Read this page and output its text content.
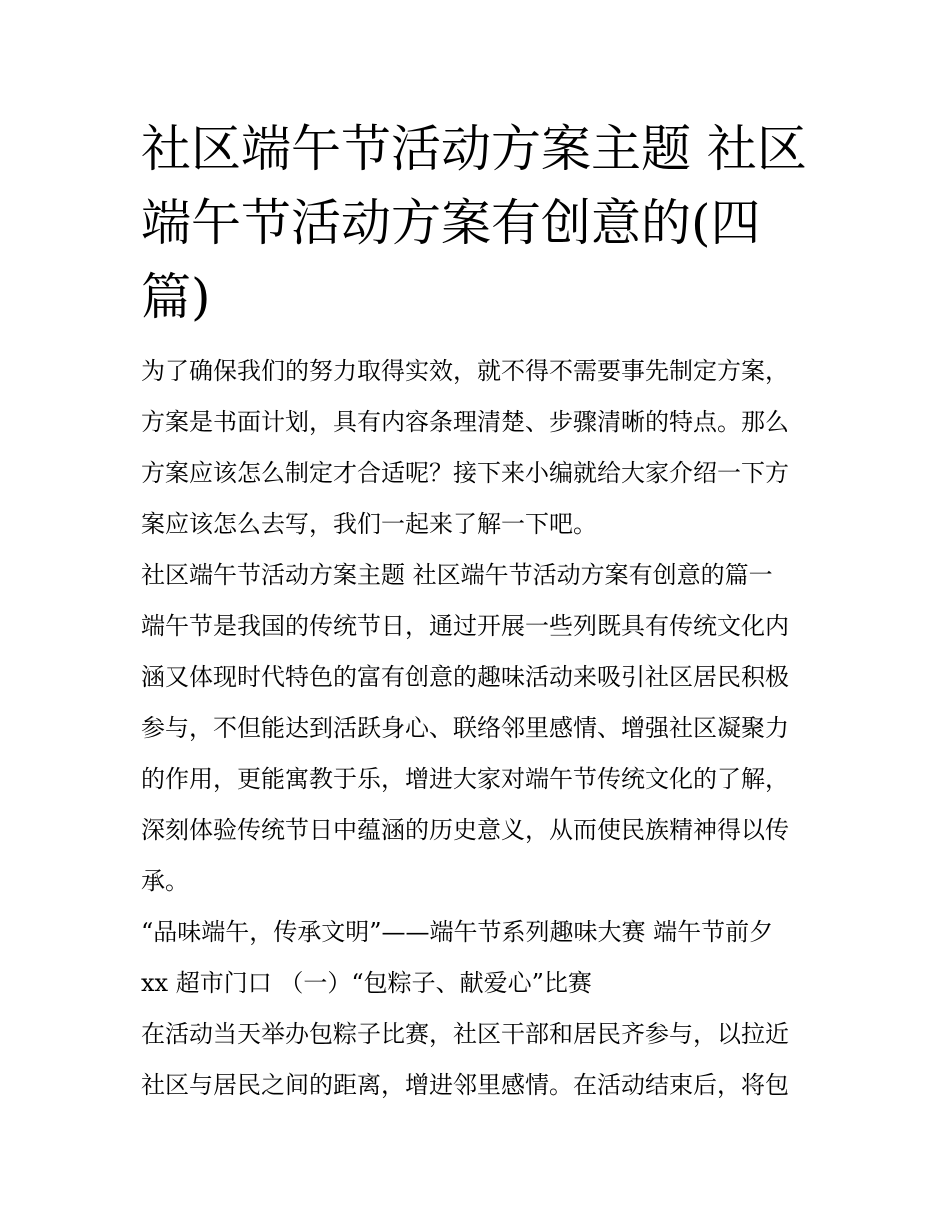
社区端午节活动方案主题 社区
端午节活动方案有创意的(四
篇)

为了确保我们的努力取得实效，就不得不需要事先制定方案，
方案是书面计划，具有内容条理清楚、步骤清晰的特点。那么
方案应该怎么制定才合适呢？接下来小编就给大家介绍一下方
案应该怎么去写，我们一起来了解一下吧。

社区端午节活动方案主题 社区端午节活动方案有创意的篇一

端午节是我国的传统节日，通过开展一些列既具有传统文化内
涵又体现时代特色的富有创意的趣味活动来吸引社区居民积极
参与，不但能达到活跃身心、联络邻里感情、增强社区凝聚力
的作用，更能寓教于乐，增进大家对端午节传统文化的了解，
深刻体验传统节日中蕴涵的历史意义，从而使民族精神得以传
承。

“品味端午，传承文明”——端午节系列趣味大赛 端午节前夕
xx 超市门口 （一）“包粽子、献爱心”比赛

在活动当天举办包粽子比赛，社区干部和居民齐参与，以拉近
社区与居民之间的距离，增进邻里感情。在活动结束后，将包
